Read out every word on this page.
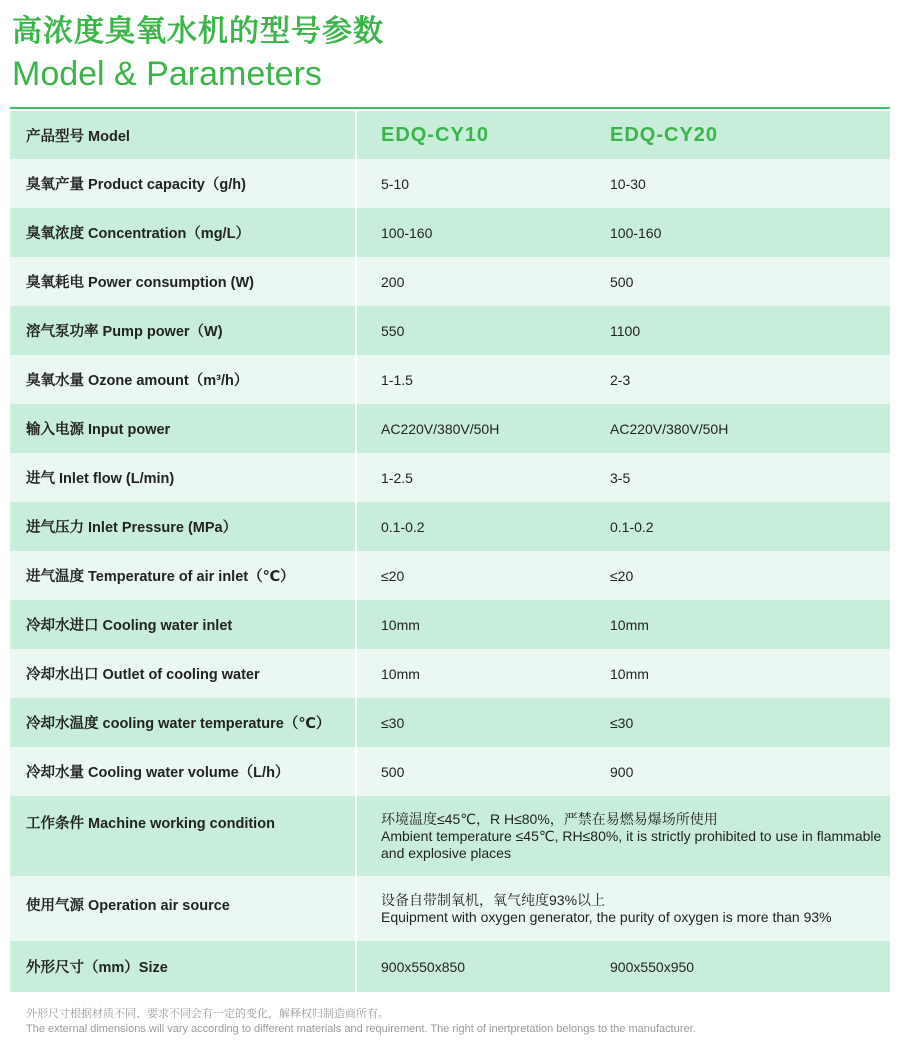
高浓度臭氧水机的型号参数
Model & Parameters
产品型号 Model	EDQ-CY10	EDQ-CY20
臭氧产量 Product capacity（g/h)	5-10	10-30
臭氧浓度 Concentration（mg/L）	100-160	100-160
臭氧耗电 Power consumption (W)	200	500
溶气泵功率 Pump power（W)	550	1100
臭氧水量 Ozone amount（m³/h）	1-1.5	2-3
输入电源 Input power	AC220V/380V/50H	AC220V/380V/50H
进气 Inlet flow (L/min)	1-2.5	3-5
进气压力 Inlet Pressure (MPa）	0.1-0.2	0.1-0.2
进气温度 Temperature of air inlet（℃）	≤20	≤20
冷却水进口 Cooling water inlet	10mm	10mm
冷却水出口 Outlet of cooling water	10mm	10mm
冷却水温度 cooling water temperature（℃）	≤30	≤30
冷却水量 Cooling water volume（L/h）	500	900
工作条件 Machine working condition	环境温度≤45℃，R H≤80%，严禁在易燃易爆场所使用
Ambient temperature ≤45℃, RH≤80%, it is strictly prohibited to use in flammable and explosive places	

使用气源 Operation air source	设备自带制氧机，氧气纯度93%以上
Equipment with oxygen generator, the purity of oxygen is more than 93%	

外形尺寸（mm）Size	900x550x850	900x550x950
外形尺寸根据材质不同、要求不同会有一定的变化，解释权归制造商所有。
The external dimensions will vary according to different materials and requirement. The right of inertpretation belongs to the manufacturer.
